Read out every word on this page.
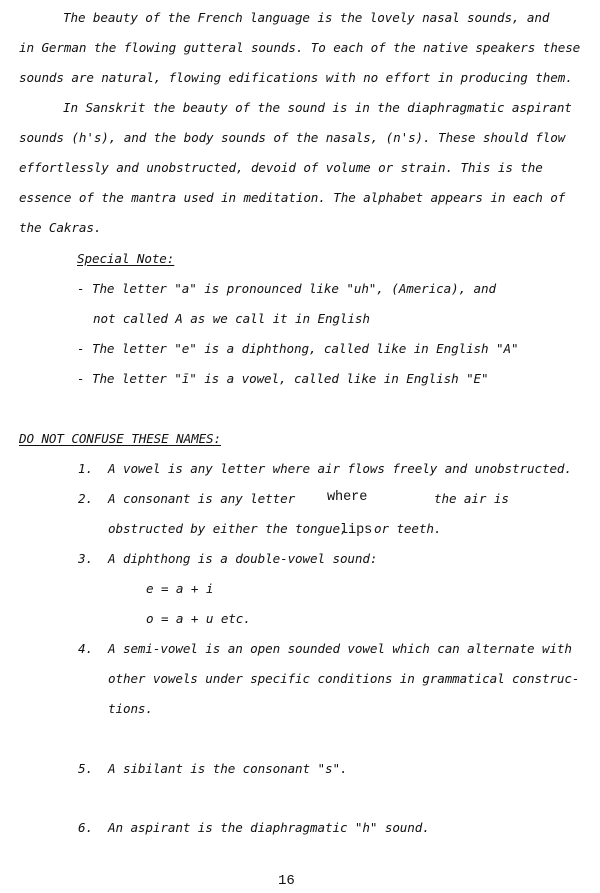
The beauty of the French language is the lovely nasal sounds, and
in German the flowing gutteral sounds. To each of the native speakers these
sounds are natural, flowing edifications with no effort in producing them.
In Sanskrit the beauty of the sound is in the diaphragmatic aspirant
sounds (h's), and the body sounds of the nasals, (n's). These should flow
effortlessly and unobstructed, devoid of volume or strain. This is the
essence of the mantra used in meditation. The alphabet appears in each of
the Cakras.
Special Note:
- The letter "a" is pronounced like "uh", (America), and
not called A as we call it in English
- The letter "e" is a diphthong, called like in English "A"
- The letter "ī" is a vowel, called like in English "E"
DO NOT CONFUSE THESE NAMES:
1. A vowel is any letter where air flows freely and unobstructed.
2. A consonant is any letter where	the air is
obstructed by either the tongue,
lips or teeth.
3. A diphthong is a double-vowel sound:
e = a + i
o = a + u etc.
4. A semi-vowel is an open sounded vowel which can alternate with
other vowels under specific conditions in grammatical construc-
tions.
5. A sibilant is the consonant "s".
6. An aspirant is the diaphragmatic "h" sound.
16
